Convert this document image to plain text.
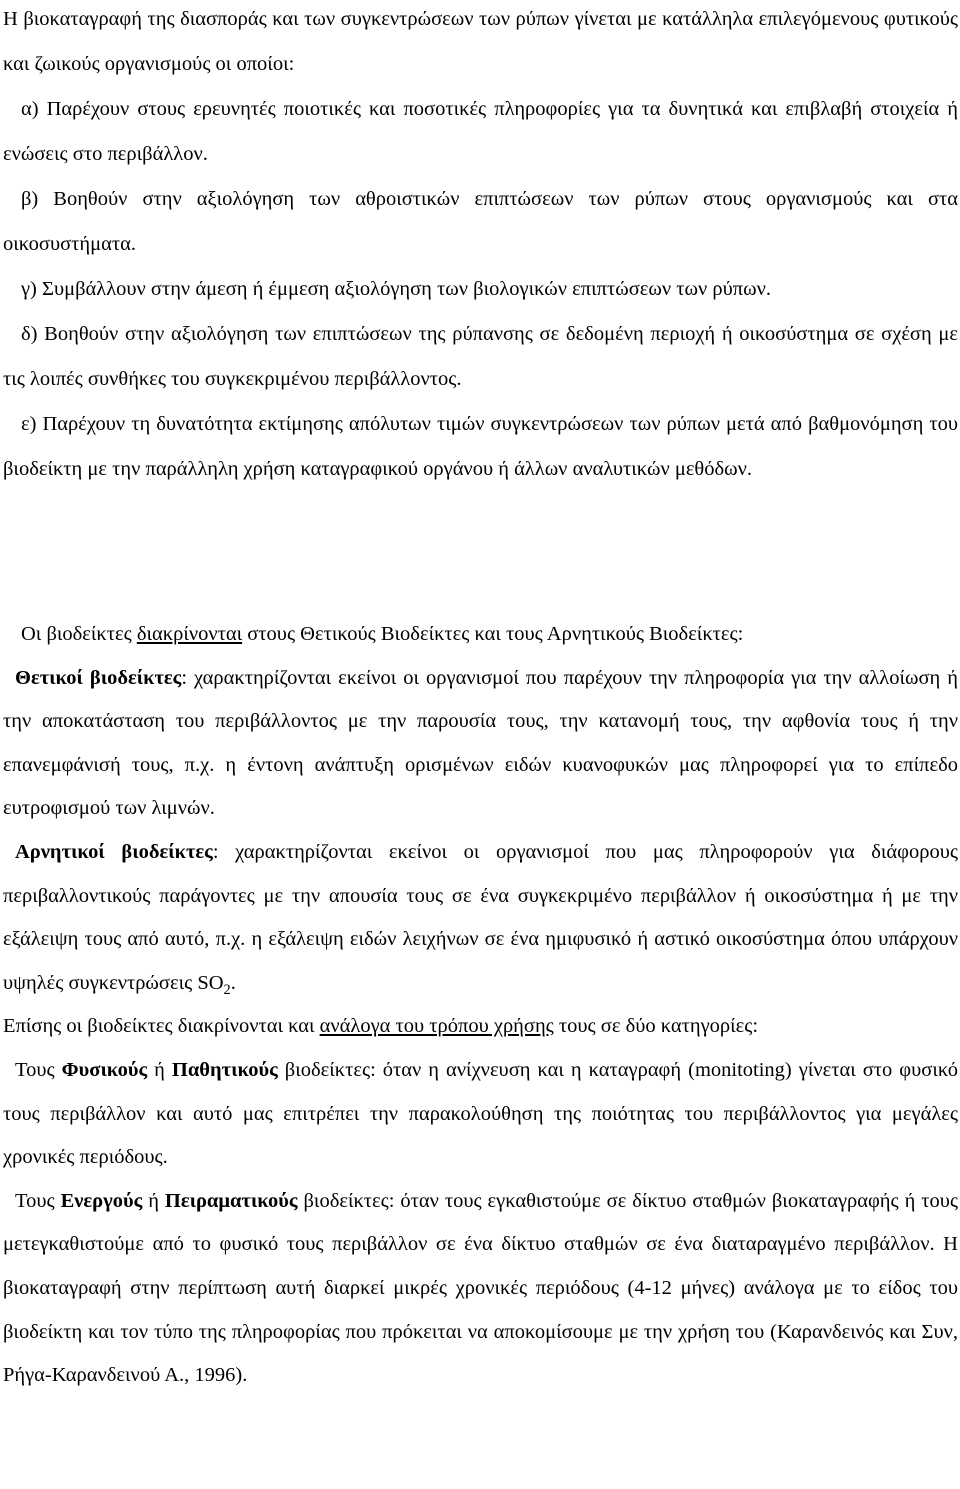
Η βιοκαταγραφή της διασποράς και των συγκεντρώσεων των ρύπων γίνεται με κατάλληλα επιλεγόμενους φυτικούς και ζωικούς οργανισμούς οι οποίοι:

α) Παρέχουν στους ερευνητές ποιοτικές και ποσοτικές πληροφορίες για τα δυνητικά και επιβλαβή στοιχεία ή ενώσεις στο περιβάλλον.

β) Βοηθούν στην αξιολόγηση των αθροιστικών επιπτώσεων των ρύπων στους οργανισμούς και στα οικοσυστήματα.

γ) Συμβάλλουν στην άμεση ή έμμεση αξιολόγηση των βιολογικών επιπτώσεων των ρύπων.

δ) Βοηθούν στην αξιολόγηση των επιπτώσεων της ρύπανσης σε δεδομένη περιοχή ή οικοσύστημα σε σχέση με τις λοιπές συνθήκες του συγκεκριμένου περιβάλλοντος.

ε) Παρέχουν τη δυνατότητα εκτίμησης απόλυτων τιμών συγκεντρώσεων των ρύπων μετά από βαθμονόμηση του βιοδείκτη με την παράλληλη χρήση καταγραφικού οργάνου ή άλλων αναλυτικών μεθόδων.

Οι βιοδείκτες διακρίνονται στους Θετικούς Βιοδείκτες και τους Αρνητικούς Βιοδείκτες:

Θετικοί βιοδείκτες: χαρακτηρίζονται εκείνοι οι οργανισμοί που παρέχουν την πληροφορία για την αλλοίωση ή την αποκατάσταση του περιβάλλοντος με την παρουσία τους, την κατανομή τους, την αφθονία τους ή την επανεμφάνισή τους, π.χ. η έντονη ανάπτυξη ορισμένων ειδών κυανοφυκών μας πληροφορεί για το επίπεδο ευτροφισμού των λιμνών.

Αρνητικοί βιοδείκτες: χαρακτηρίζονται εκείνοι οι οργανισμοί που μας πληροφορούν για διάφορους περιβαλλοντικούς παράγοντες με την απουσία τους σε ένα συγκεκριμένο περιβάλλον ή οικοσύστημα ή με την εξάλειψη τους από αυτό, π.χ. η εξάλειψη ειδών λειχήνων σε ένα ημιφυσικό ή αστικό οικοσύστημα όπου υπάρχουν υψηλές συγκεντρώσεις $SO_2$.

Επίσης οι βιοδείκτες διακρίνονται και ανάλογα του τρόπου χρήσης τους σε δύο κατηγορίες:

Τους Φυσικούς ή Παθητικούς βιοδείκτες: όταν η ανίχνευση και η καταγραφή (monitoting) γίνεται στο φυσικό τους περιβάλλον και αυτό μας επιτρέπει την παρακολούθηση της ποιότητας του περιβάλλοντος για μεγάλες χρονικές περιόδους.

Τους Ενεργούς ή Πειραματικούς βιοδείκτες: όταν τους εγκαθιστούμε σε δίκτυο σταθμών βιοκαταγραφής ή τους μετεγκαθιστούμε από το φυσικό τους περιβάλλον σε ένα δίκτυο σταθμών σε ένα διαταραγμένο περιβάλλον. Η βιοκαταγραφή στην περίπτωση αυτή διαρκεί μικρές χρονικές περιόδους (4-12 μήνες) ανάλογα με το είδος του βιοδείκτη και τον τύπο της πληροφορίας που πρόκειται να αποκομίσουμε με την χρήση του (Καρανδεινός και Συν, Ρήγα-Καρανδεινού Α., 1996).
